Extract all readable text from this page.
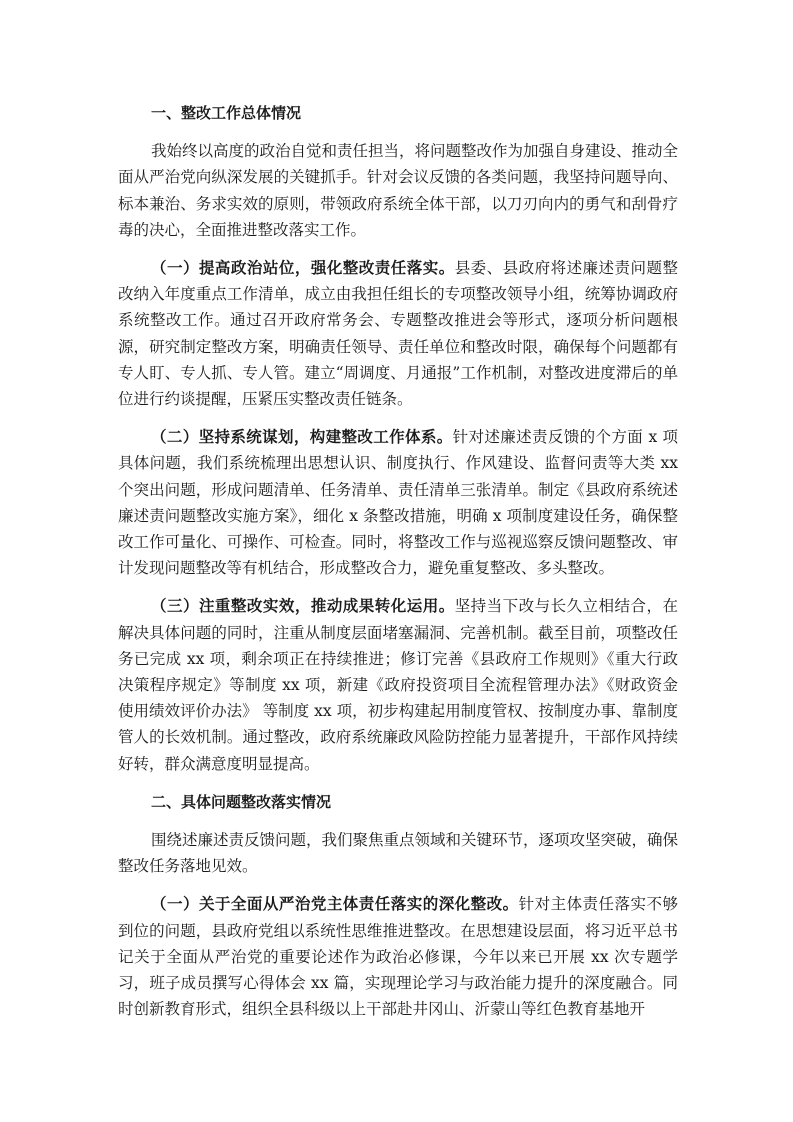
一、整改工作总体情况

我始终以高度的政治自觉和责任担当，将问题整改作为加强自身建设、推动全面从严治党向纵深发展的关键抓手。针对会议反馈的各类问题，我坚持问题导向、标本兼治、务求实效的原则，带领政府系统全体干部，以刀刃向内的勇气和刮骨疗毒的决心，全面推进整改落实工作。

（一）提高政治站位，强化整改责任落实。县委、县政府将述廉述责问题整改纳入年度重点工作清单，成立由我担任组长的专项整改领导小组，统筹协调政府系统整改工作。通过召开政府常务会、专题整改推进会等形式，逐项分析问题根源，研究制定整改方案，明确责任领导、责任单位和整改时限，确保每个问题都有专人盯、专人抓、专人管。建立“周调度、月通报”工作机制，对整改进度滞后的单位进行约谈提醒，压紧压实整改责任链条。

（二）坚持系统谋划，构建整改工作体系。针对述廉述责反馈的个方面 x 项具体问题，我们系统梳理出思想认识、制度执行、作风建设、监督问责等大类 xx 个突出问题，形成问题清单、任务清单、责任清单三张清单。制定《县政府系统述廉述责问题整改实施方案》，细化 x 条整改措施，明确 x 项制度建设任务，确保整改工作可量化、可操作、可检查。同时，将整改工作与巡视巡察反馈问题整改、审计发现问题整改等有机结合，形成整改合力，避免重复整改、多头整改。

（三）注重整改实效，推动成果转化运用。坚持当下改与长久立相结合，在解决具体问题的同时，注重从制度层面堵塞漏洞、完善机制。截至目前，项整改任务已完成 xx 项，剩余项正在持续推进；修订完善《县政府工作规则》《重大行政决策程序规定》等制度 xx 项，新建《政府投资项目全流程管理办法》《财政资金使用绩效评价办法》 等制度 xx 项，初步构建起用制度管权、按制度办事、靠制度管人的长效机制。通过整改，政府系统廉政风险防控能力显著提升，干部作风持续好转，群众满意度明显提高。

二、具体问题整改落实情况

围绕述廉述责反馈问题，我们聚焦重点领域和关键环节，逐项攻坚突破，确保整改任务落地见效。

（一）关于全面从严治党主体责任落实的深化整改。针对主体责任落实不够到位的问题，县政府党组以系统性思维推进整改。在思想建设层面，将习近平总书记关于全面从严治党的重要论述作为政治必修课，今年以来已开展 xx 次专题学习，班子成员撰写心得体会 xx 篇，实现理论学习与政治能力提升的深度融合。同时创新教育形式，组织全县科级以上干部赴井冈山、沂蒙山等红色教育基地开
